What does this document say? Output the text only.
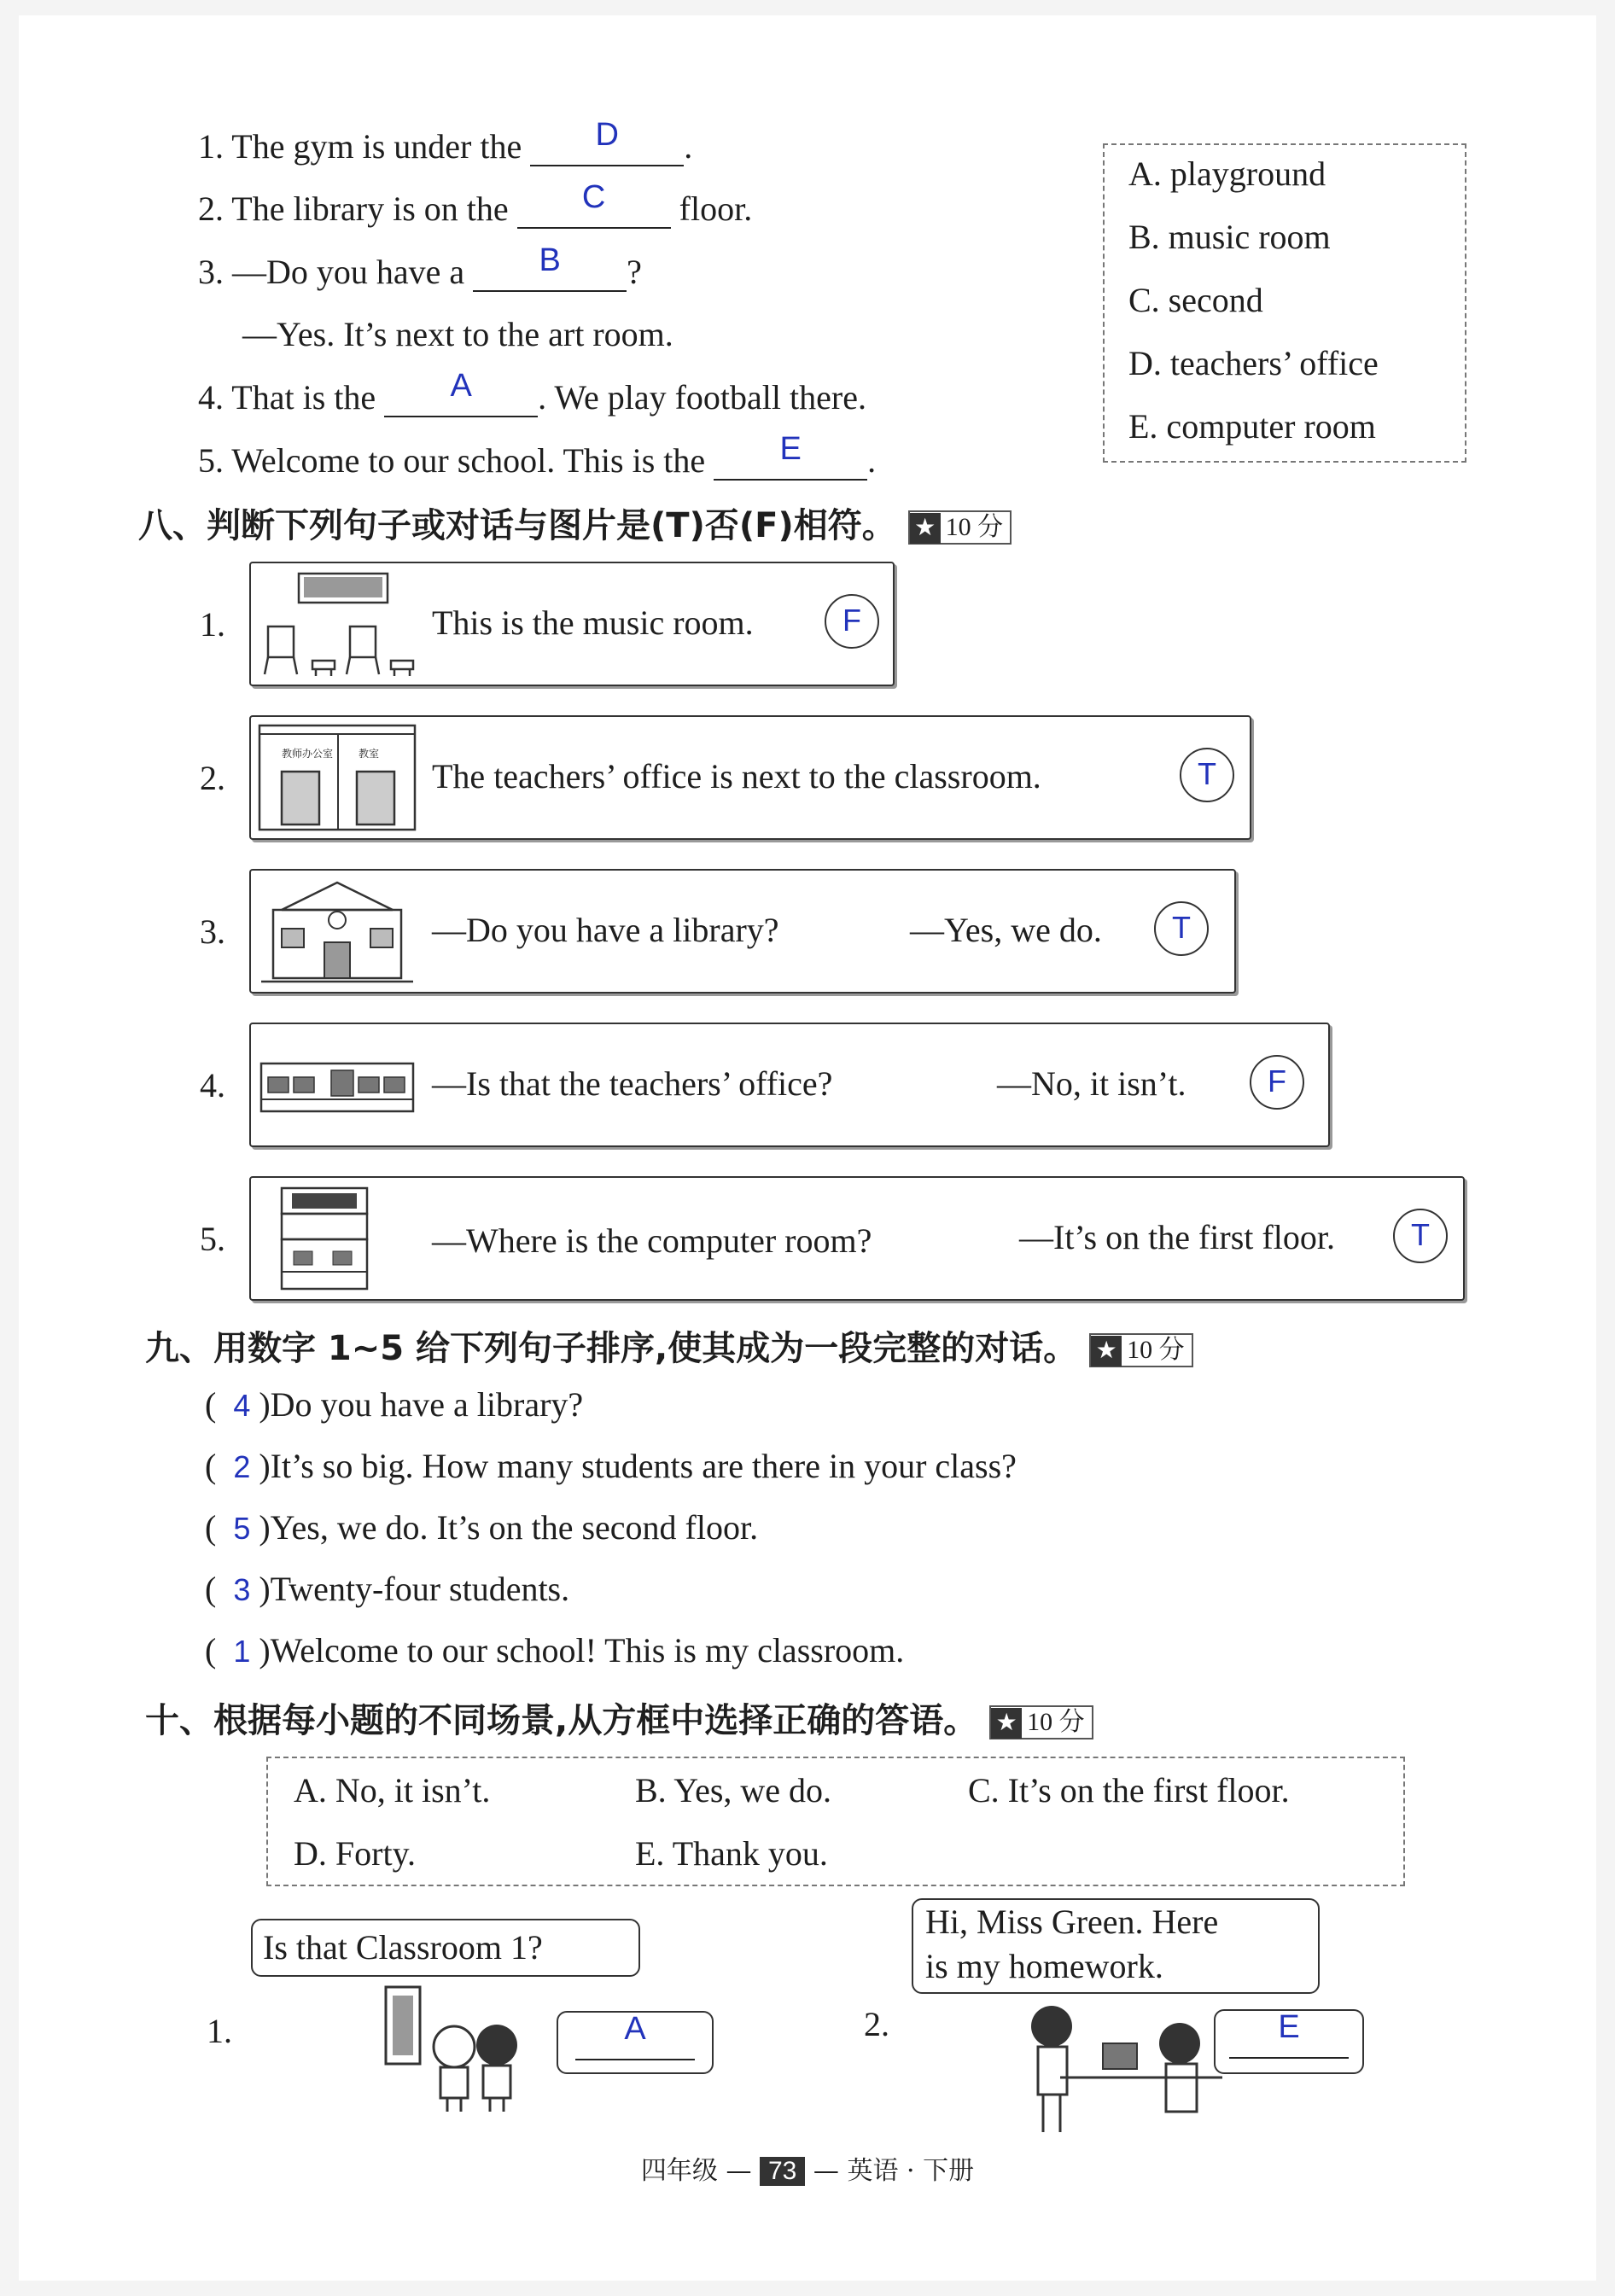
1. The gym is under the	D	.
2. The library is on the	C	floor.
3. —Do you have a	B	?
—Yes. It’s next to the art room.
4. That is the	A	. We play football there.
5. Welcome to our school. This is the	E	.
A. playground
B. music room
C. second
D. teachers’ office
E. computer room
八、判断下列句子或对话与图片是(T)否(F)相符。 ★ 10 分
1.	This is the music room.	F
2.
教师办公室 教室
The teachers’ office is next to the classroom.	T
3.	—Do you have a library?	—Yes, we do.	T
4.	—Is that the teachers’ office?	—No, it isn’t.	F
5.	—Where is the computer room?	—It’s on the first floor.	T
九、用数字 1~5 给下列句子排序,使其成为一段完整的对话。 ★ 10 分
( 4 )Do you have a library?
( 2 )It’s so big. How many students are there in your class?
( 5 )Yes, we do. It’s on the second floor.
( 3 )Twenty-four students.
( 1 )Welcome to our school! This is my classroom.
十、根据每小题的不同场景,从方框中选择正确的答语。 ★ 10 分
A. No, it isn’t.	B. Yes, we do.	C. It’s on the first floor.
D. Forty.	E. Thank you.
1.
Is that Classroom 1?
A	2.
Hi, Miss Green. Here
is my homework.
E
四年级 — 73 — 英语 · 下册
